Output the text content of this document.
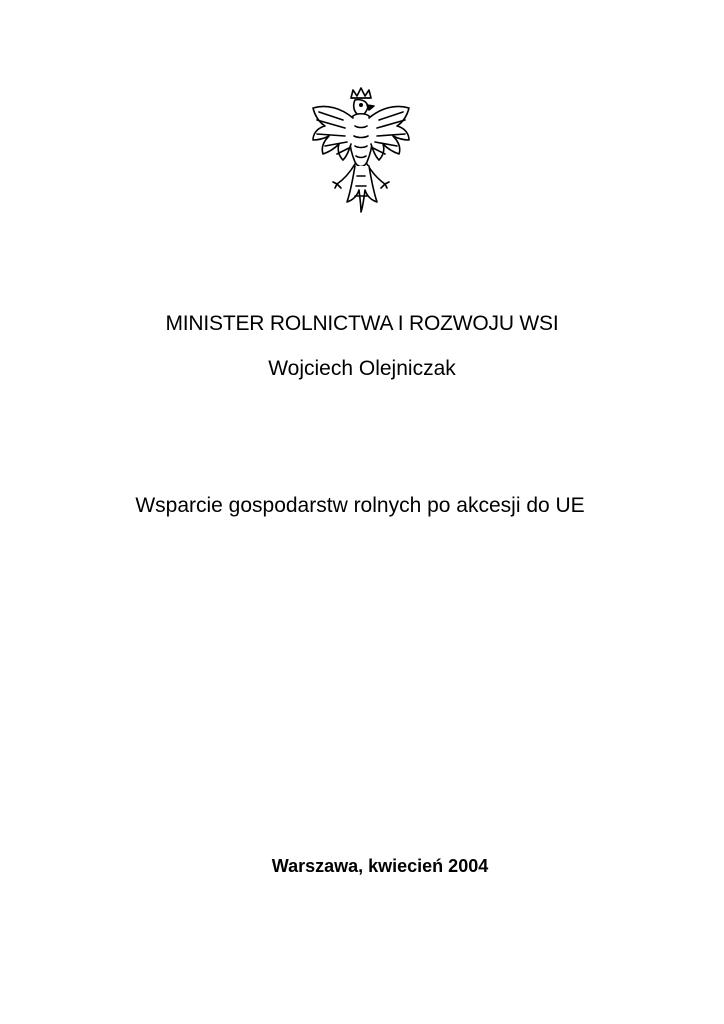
MINISTER ROLNICTWA I ROZWOJU WSI
Wojciech Olejniczak
Wsparcie gospodarstw rolnych po akcesji do UE
Warszawa, kwiecień 2004
